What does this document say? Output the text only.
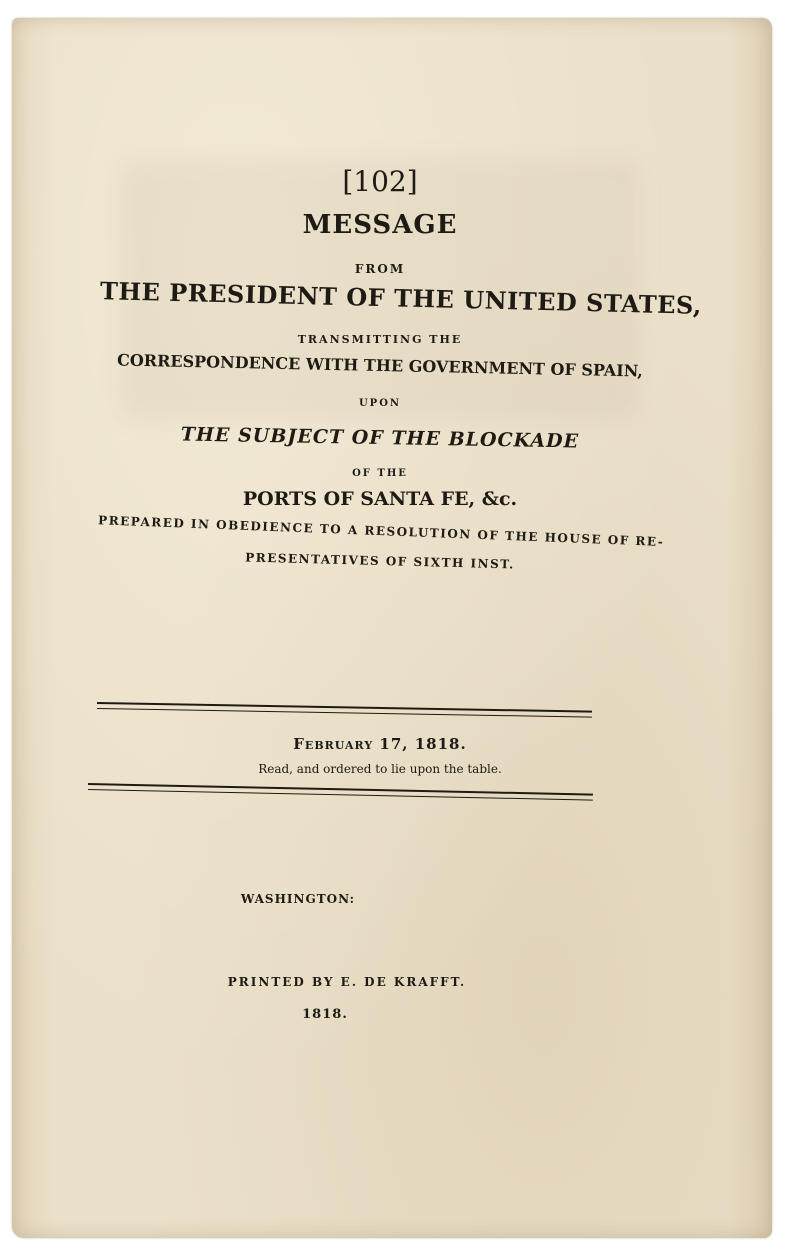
[102]
MESSAGE
FROM
THE PRESIDENT OF THE UNITED STATES,
TRANSMITTING THE
CORRESPONDENCE WITH THE GOVERNMENT OF SPAIN,
UPON
THE SUBJECT OF THE BLOCKADE
OF THE
PORTS OF SANTA FE, &c.
PREPARED IN OBEDIENCE TO A RESOLUTION OF THE HOUSE OF RE-
PRESENTATIVES OF SIXTH INST.
February 17, 1818.
Read, and ordered to lie upon the table.
WASHINGTON:
PRINTED BY E. DE KRAFFT.
1818.
